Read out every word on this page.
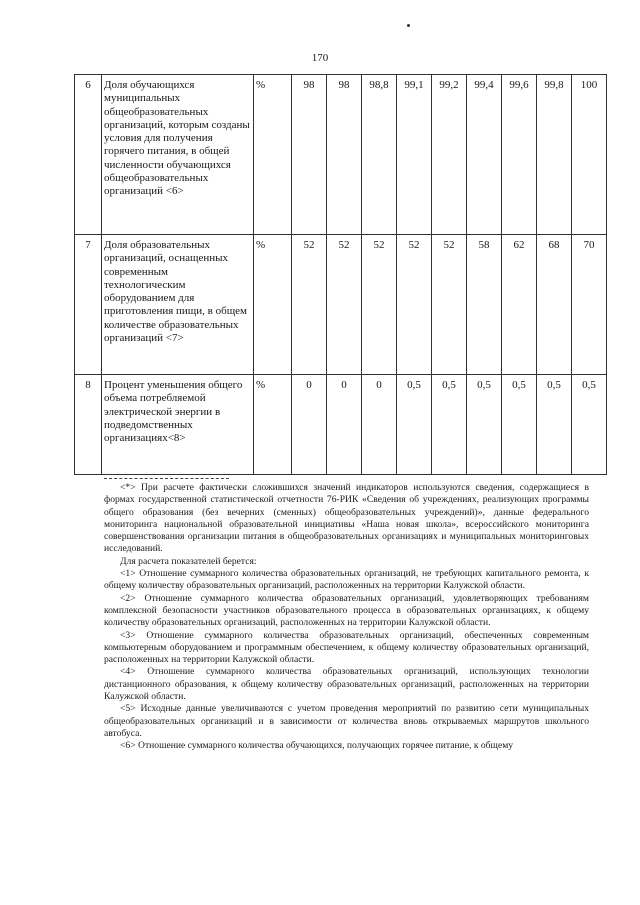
170
6	Доля обучающихся муниципальных общеобразовательных организаций, которым созданы условия для получения горячего питания, в общей численности обучающихся общеобразовательных организаций <6>	%	98	98	98,8	99,1	99,2	99,4	99,6	99,8	100
7	Доля образовательных организаций, оснащенных современным технологическим оборудованием для приготовления пищи, в общем количестве образовательных организаций <7>	%	52	52	52	52	52	58	62	68	70
8	Процент уменьшения общего объема потребляемой электрической энергии в подведомственных организациях<8>	%	0	0	0	0,5	0,5	0,5	0,5	0,5	0,5

<*> При расчете фактически сложившихся значений индикаторов используются сведения, содержащиеся в формах государственной статистической отчетности 76-РИК «Сведения об учреждениях, реализующих программы общего образования (без вечерних (сменных) общеобразовательных учреждений)», данные федерального мониторинга национальной образовательной инициативы «Наша новая школа», всероссийского мониторинга совершенствования организации питания в общеобразовательных организациях и муниципальных мониторинговых исследований.

Для расчета показателей берется:

<1> Отношение суммарного количества образовательных организаций, не требующих капитального ремонта, к общему количеству образовательных организаций, расположенных на территории Калужской области.

<2> Отношение суммарного количества образовательных организаций, удовлетворяющих требованиям комплексной безопасности участников образовательного процесса в образовательных организациях, к общему количеству образовательных организаций, расположенных на территории Калужской области.

<3> Отношение суммарного количества образовательных организаций, обеспеченных современным компьютерным оборудованием и программным обеспечением, к общему количеству образовательных организаций, расположенных на территории Калужской области.

<4> Отношение суммарного количества образовательных организаций, использующих технологии дистанционного образования, к общему количеству образовательных организаций, расположенных на территории Калужской области.

<5> Исходные данные увеличиваются с учетом проведения мероприятий по развитию сети муниципальных общеобразовательных организаций и в зависимости от количества вновь открываемых маршрутов школьного автобуса.

<6> Отношение суммарного количества обучающихся, получающих горячее питание, к общему
